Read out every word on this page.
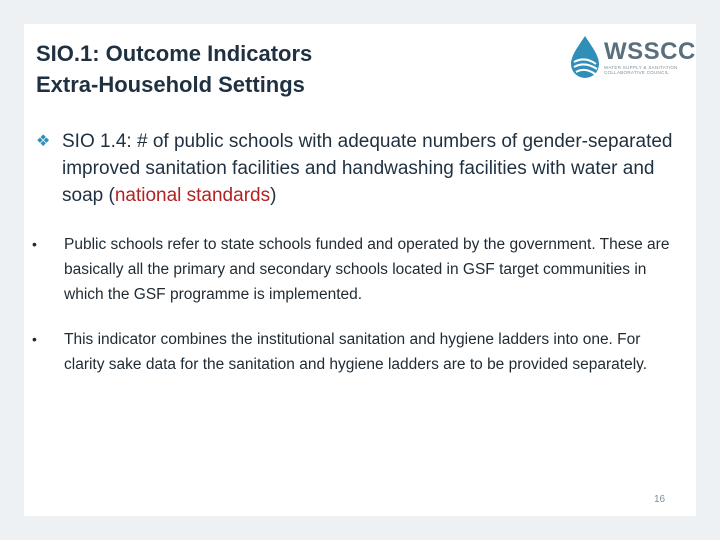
SIO.1: Outcome Indicators
Extra-Household Settings
WSSCC
WATER SUPPLY & SANITATION COLLABORATIVE COUNCIL
❖ SIO 1.4: # of public schools with adequate numbers of gender-separated improved sanitation facilities and handwashing facilities with water and soap (national standards)
•	Public schools refer to state schools funded and operated by the government. These are basically all the primary and secondary schools located in GSF target communities in which the GSF programme is implemented.
•	This indicator combines the institutional sanitation and hygiene ladders into one. For clarity sake data for the sanitation and hygiene ladders are to be provided separately.
16
